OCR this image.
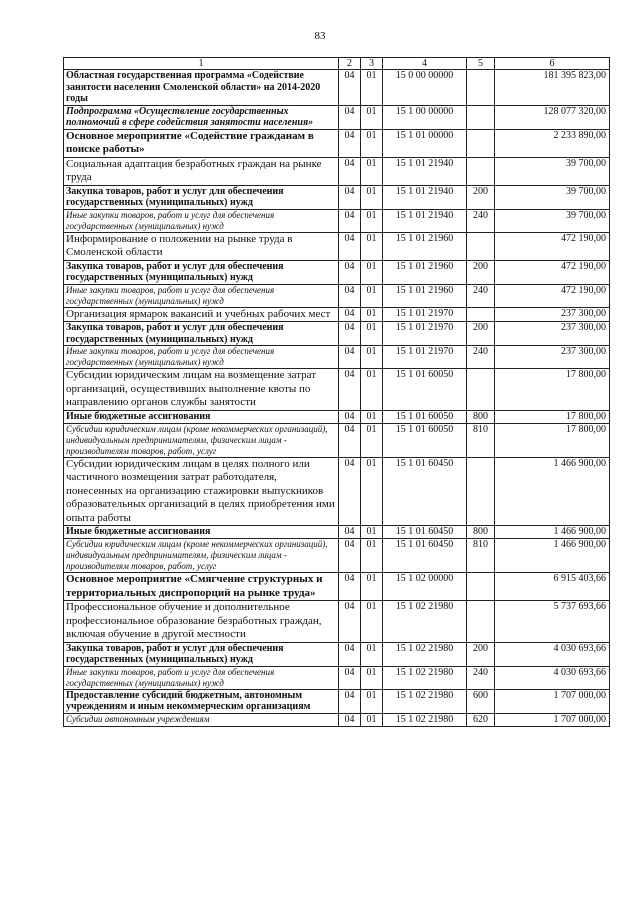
83
1	2	3	4	5	6
Областная государственная программа «Содействие занятости населения Смоленской области» на 2014-2020 годы	04	01	15 0 00 00000		181 395 823,00
Подпрограмма «Осуществление государственных полномочий в сфере содействия занятости населения»	04	01	15 1 00 00000		128 077 320,00
Основное мероприятие «Содействие гражданам в поиске работы»	04	01	15 1 01 00000		2 233 890,00
Социальная адаптация безработных граждан на рынке труда	04	01	15 1 01 21940		39 700,00
Закупка товаров, работ и услуг для обеспечения государственных (муниципальных) нужд	04	01	15 1 01 21940	200	39 700,00
Иные закупки товаров, работ и услуг для обеспечения государственных (муниципальных) нужд	04	01	15 1 01 21940	240	39 700,00
Информирование о положении на рынке труда в Смоленской области	04	01	15 1 01 21960		472 190,00
Закупка товаров, работ и услуг для обеспечения государственных (муниципальных) нужд	04	01	15 1 01 21960	200	472 190,00
Иные закупки товаров, работ и услуг для обеспечения государственных (муниципальных) нужд	04	01	15 1 01 21960	240	472 190,00
Организация ярмарок вакансий и учебных рабочих мест	04	01	15 1 01 21970		237 300,00
Закупка товаров, работ и услуг для обеспечения государственных (муниципальных) нужд	04	01	15 1 01 21970	200	237 300,00
Иные закупки товаров, работ и услуг для обеспечения государственных (муниципальных) нужд	04	01	15 1 01 21970	240	237 300,00
Субсидии юридическим лицам на возмещение затрат организаций, осуществивших выполнение квоты по направлению органов службы занятости	04	01	15 1 01 60050		17 800,00
Иные бюджетные ассигнования	04	01	15 1 01 60050	800	17 800,00
Субсидии юридическим лицам (кроме некоммерческих организаций), индивидуальным предпринимателям, физическим лицам - производителям товаров, работ, услуг	04	01	15 1 01 60050	810	17 800,00
Субсидии юридическим лицам в целях полного или частичного возмещения затрат работодателя, понесенных на организацию стажировки выпускников образовательных организаций в целях приобретения ими опыта работы	04	01	15 1 01 60450		1 466 900,00
Иные бюджетные ассигнования	04	01	15 1 01 60450	800	1 466 900,00
Субсидии юридическим лицам (кроме некоммерческих организаций), индивидуальным предпринимателям, физическим лицам - производителям товаров, работ, услуг	04	01	15 1 01 60450	810	1 466 900,00
Основное мероприятие «Смягчение структурных и территориальных диспропорций на рынке труда»	04	01	15 1 02 00000		6 915 403,66
Профессиональное обучение и дополнительное профессиональное образование безработных граждан, включая обучение в другой местности	04	01	15 1 02 21980		5 737 693,66
Закупка товаров, работ и услуг для обеспечения государственных (муниципальных) нужд	04	01	15 1 02 21980	200	4 030 693,66
Иные закупки товаров, работ и услуг для обеспечения государственных (муниципальных) нужд	04	01	15 1 02 21980	240	4 030 693,66
Предоставление субсидий бюджетным, автономным учреждениям и иным некоммерческим организациям	04	01	15 1 02 21980	600	1 707 000,00
Субсидии автономным учреждениям	04	01	15 1 02 21980	620	1 707 000,00
